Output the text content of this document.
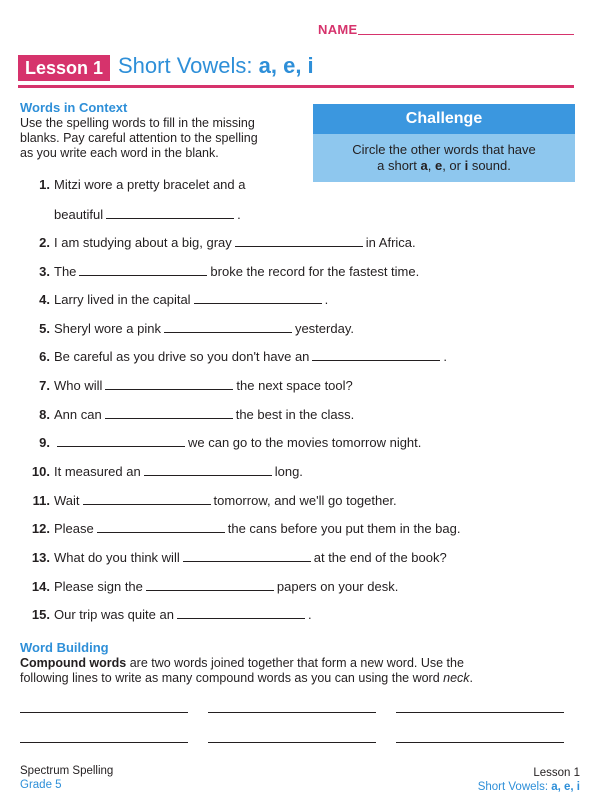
NAME
Lesson 1 Short Vowels: a, e, i
Words in Context
Use the spelling words to fill in the missing
blanks. Pay careful attention to the spelling
as you write each word in the blank.
Challenge
Circle the other words that have
a short a, e, or i sound.
1. Mitzi wore a pretty bracelet and a
beautiful	.
2. I am studying about a big, gray	in Africa.
3. The	broke the record for the fastest time.
4. Larry lived in the capital	.
5. Sheryl wore a pink	yesterday.
6. Be careful as you drive so you don't have an	.
7. Who will	the next space tool?
8. Ann can	the best in the class.
9.	we can go to the movies tomorrow night.
10. It measured an	long.
11. Wait	tomorrow, and we'll go together.
12. Please	the cans before you put them in the bag.
13. What do you think will	at the end of the book?
14. Please sign the	papers on your desk.
15. Our trip was quite an	.
Word Building
Compound words are two words joined together that form a new word. Use the
following lines to write as many compound words as you can using the word neck.
Spectrum Spelling
Grade 5
Lesson 1
Short Vowels: a, e, i
